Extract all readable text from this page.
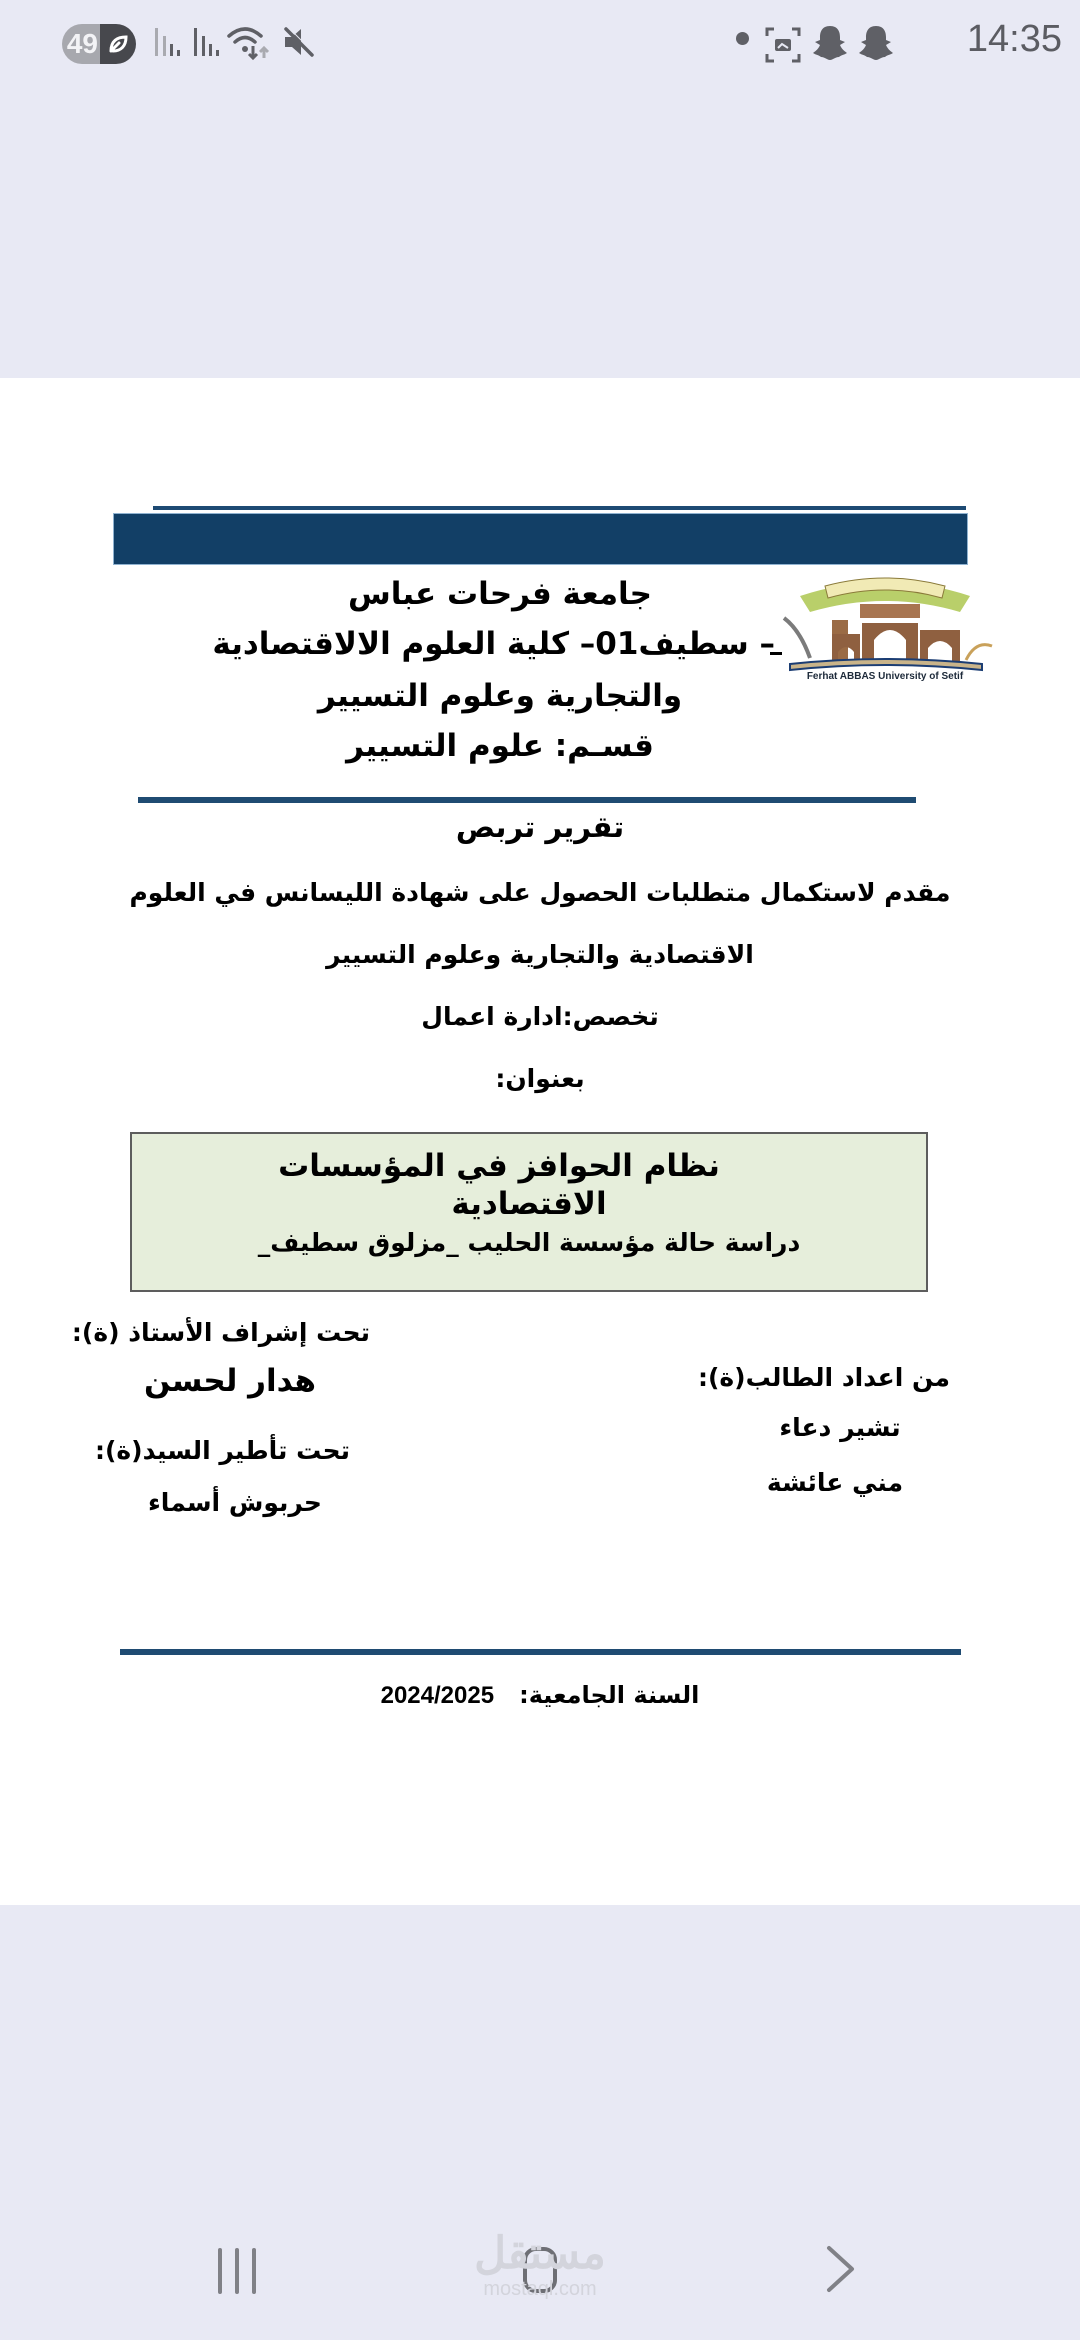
49	14:35
Ferhat ABBAS University of Setif
جامعة فرحات عباس
– سطيف01– كلية العلوم الالاقتصادية
والتجارية وعلوم التسيير
قسـم: علوم التسيير
تقرير تربص
مقدم لاستكمال متطلبات الحصول على شهادة الليسانس في العلوم
الاقتصادية والتجارية وعلوم التسيير
تخصص:ادارة اعمال
بعنوان:
نظام الحوافز في المؤسسات
الاقتصادية
دراسة حالة مؤسسة الحليب _مزلوق سطيف_
تحت إشراف الأستاذ (ة):
هدار لحسن
تحت تأطير السيد(ة):
حربوش أسماء
من اعداد الطالب(ة):
تشير دعاء
مني عائشة
السنة الجامعية:   2024/2025
مستقل
mostaql.com
